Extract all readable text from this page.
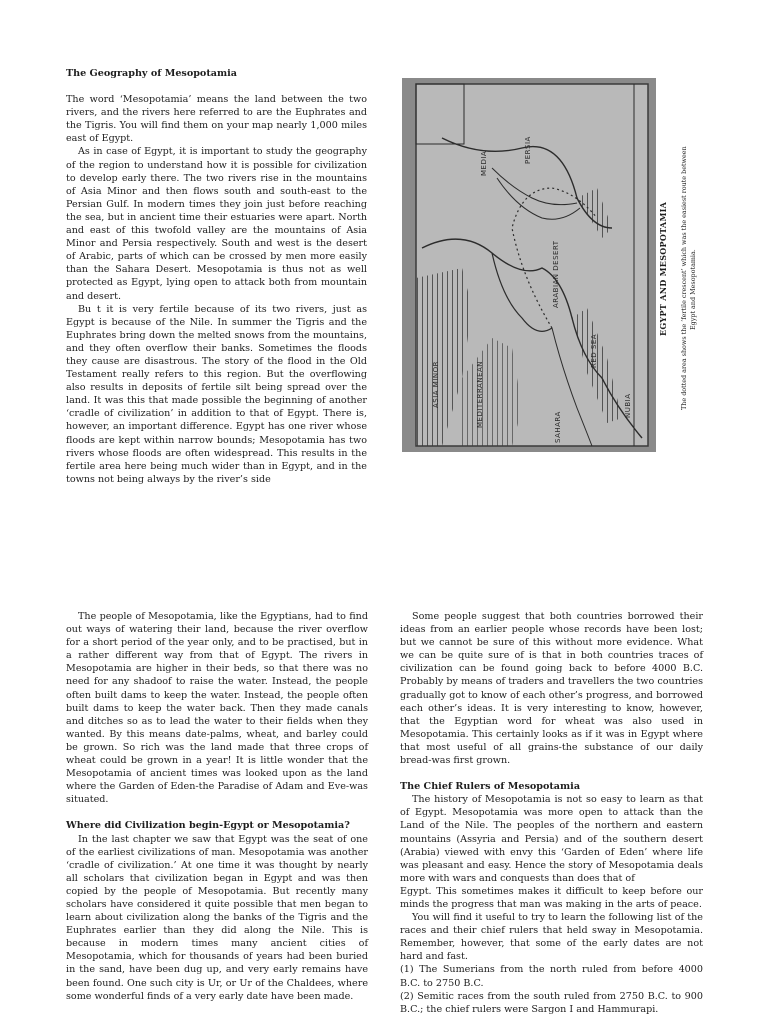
The Geography of Mesopotamia

The word ‘Mesopotamia’ means the land between the two rivers, and the rivers here referred to are the Euphrates and the Tigris. You will find them on your map nearly 1,000 miles east of Egypt.

As in case of Egypt, it is important to study the geography of the region to understand how it is possible for civilization to develop early there. The two rivers rise in the mountains of Asia Minor and then flows south and south-east to the Persian Gulf. In modern times they join just before reaching the sea, but in ancient time their estuaries were apart. North and east of this twofold valley are the mountains of Asia Minor and Persia respectively. South and west is the desert of Arabic, parts of which can be crossed by men more easily than the Sahara Desert. Mesopotamia is thus not as well protected as Egypt, lying open to attack both from mountain and desert.

Bu t it is very fertile because of its two rivers, just as Egypt is because of the Nile. In summer the Tigris and the Euphrates bring down the melted snows from the mountains, and they often overflow their banks. Sometimes the floods they cause are disastrous. The story of the flood in the Old Testament really refers to this region. But the overflowing also results in deposits of fertile silt being spread over the land. It was this that made possible the beginning of another ‘cradle of civilization’ in addition to that of Egypt. There is, however, an important difference. Egypt has one river whose floods are kept within narrow bounds; Mesopotamia has two rivers whose floods are often widespread. This results in the fertile area here being much wider than in Egypt, and in the towns not being always by the river’s side

PERSIA
MEDIA
ASIA MINOR
ARABIAN DESERT
MEDITERRANEAN	SAHARA
NUBIA
RED SEA
EGYPT AND MESOPOTAMIA The dotted area shows the ‘fertile crescent’ which was the easiest route between Egypt and Mesopotamia.

The people of Mesopotamia, like the Egyptians, had to find out ways of watering their land, because the river overflow for a short period of the year only, and to be practised, but in a rather different way from that of Egypt. The rivers in Mesopotamia are higher in their beds, so that there was no need for any shadoof to raise the water. Instead, the people often built dams to keep the water. Instead, the people often built dams to keep the water back. Then they made canals and ditches so as to lead the water to their fields when they wanted. By this means date-palms, wheat, and barley could be grown. So rich was the land made that three crops of wheat could be grown in a year! It is little wonder that the Mesopotamia of ancient times was looked upon as the land where the Garden of Eden-the Paradise of Adam and Eve-was situated.

Where did Civilization begin-Egypt or Mesopotamia?

In the last chapter we saw that Egypt was the seat of one of the earliest civilizations of man. Mesopotamia was another ‘cradle of civilization.’ At one time it was thought by nearly all scholars that civilization began in Egypt and was then copied by the people of Mesopotamia. But recently many scholars have considered it quite possible that men began to learn about civilization along the banks of the Tigris and the Euphrates earlier than they did along the Nile. This is because in modern times many ancient cities of Mesopotamia, which for thousands of years had been buried in the sand, have been dug up, and very early remains have been found. One such city is Ur, or Ur of the Chaldees, where some wonderful finds of a very early date have been made.

Some people suggest that both countries borrowed their ideas from an earlier people whose records have been lost; but we cannot be sure of this without more evidence. What we can be quite sure of is that in both countries traces of civilization can be found going back to before 4000 B.C. Probably by means of traders and travellers the two countries gradually got to know of each other’s progress, and borrowed each other’s ideas. It is very interesting to know, however, that the Egyptian word for wheat was also used in Mesopotamia. This certainly looks as if it was in Egypt where that most useful of all grains-the substance of our daily bread-was first grown.

The Chief Rulers of Mesopotamia

The history of Mesopotamia is not so easy to learn as that of Egypt. Mesopotamia was more open to attack than the Land of the Nile. The peoples of the northern and eastern mountains (Assyria and Persia) and of the southern desert (Arabia) viewed with envy this ‘Garden of Eden’ where life was pleasant and easy. Hence the story of Mesopotamia deals more with wars and conquests than does that of

Egypt. This sometimes makes it difficult to keep before our minds the progress that man was making in the arts of peace.

You will find it useful to try to learn the following list of the races and their chief rulers that held sway in Mesopotamia. Remember, however, that some of the early dates are not hard and fast.

(1) The Sumerians from the north ruled from before 4000 B.C. to 2750 B.C.

(2) Semitic races from the south ruled from 2750 B.C. to 900 B.C.; the chief rulers were Sargon I and Hammurapi.
